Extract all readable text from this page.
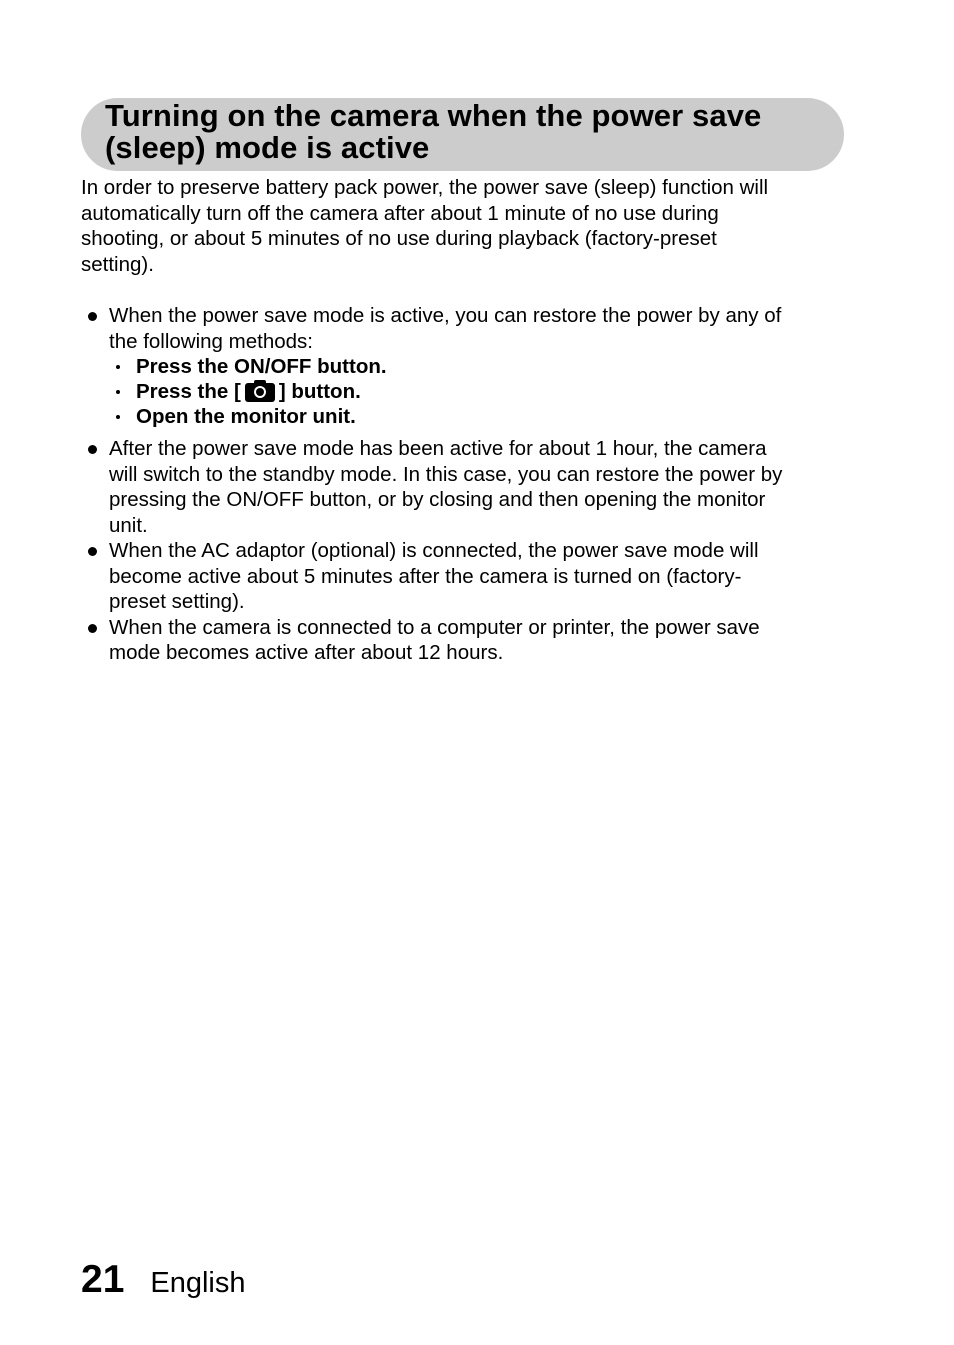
Turning on the camera when the power save
(sleep) mode is active

In order to preserve battery pack power, the power save (sleep) function will
automatically turn off the camera after about 1 minute of no use during
shooting, or about 5 minutes of no use during playback (factory-preset
setting).

When the power save mode is active, you can restore the power by any of
the following methods:
Press the ON/OFF button.
Press the [ ] button.
Open the monitor unit.
After the power save mode has been active for about 1 hour, the camera
will switch to the standby mode. In this case, you can restore the power by
pressing the ON/OFF button, or by closing and then opening the monitor
unit.
When the AC adaptor (optional) is connected, the power save mode will
become active about 5 minutes after the camera is turned on (factory-
preset setting).
When the camera is connected to a computer or printer, the power save
mode becomes active after about 12 hours.
21 English
